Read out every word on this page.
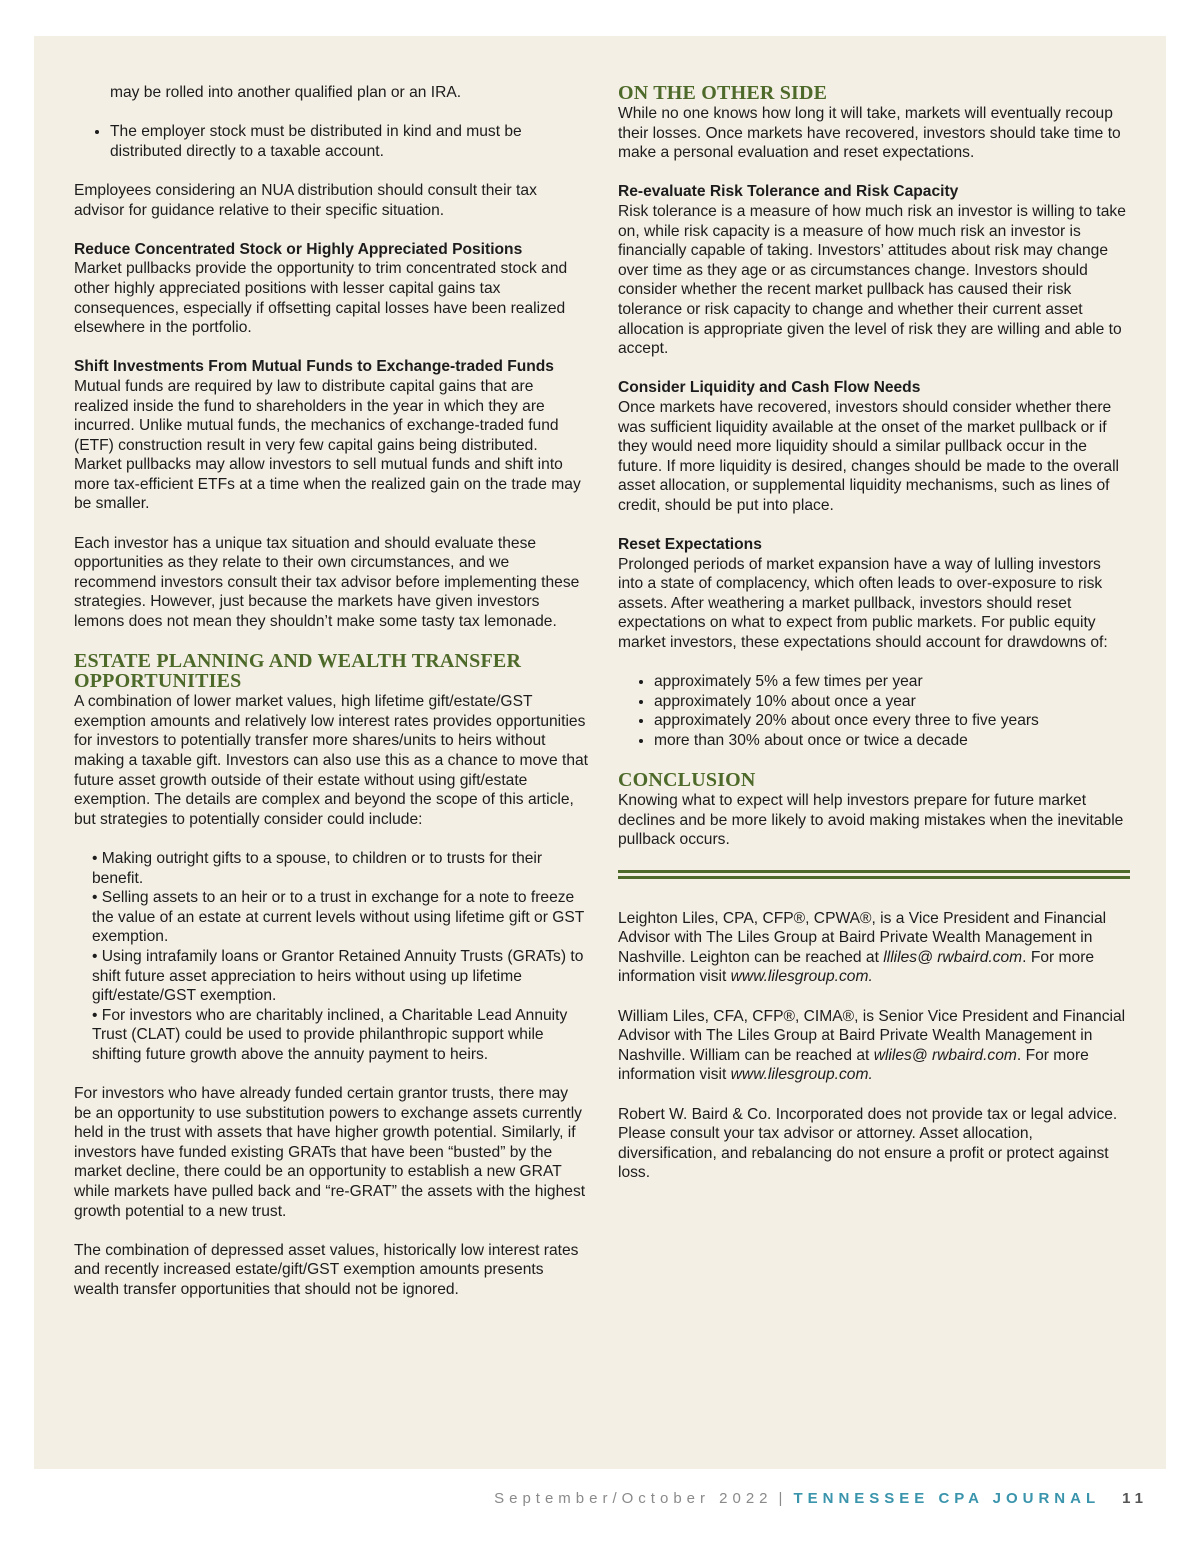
may be rolled into another qualified plan or an IRA.

• The employer stock must be distributed in kind and must be distributed directly to a taxable account.

Employees considering an NUA distribution should consult their tax advisor for guidance relative to their specific situation.

Reduce Concentrated Stock or Highly Appreciated Positions

Market pullbacks provide the opportunity to trim concentrated stock and other highly appreciated positions with lesser capital gains tax consequences, especially if offsetting capital losses have been realized elsewhere in the portfolio.

Shift Investments From Mutual Funds to Exchange-traded Funds

Mutual funds are required by law to distribute capital gains that are realized inside the fund to shareholders in the year in which they are incurred. Unlike mutual funds, the mechanics of exchange-traded fund (ETF) construction result in very few capital gains being distributed. Market pullbacks may allow investors to sell mutual funds and shift into more tax-efficient ETFs at a time when the realized gain on the trade may be smaller.

Each investor has a unique tax situation and should evaluate these opportunities as they relate to their own circumstances, and we recommend investors consult their tax advisor before implementing these strategies. However, just because the markets have given investors lemons does not mean they shouldn’t make some tasty tax lemonade.

ESTATE PLANNING AND WEALTH TRANSFER OPPORTUNITIES

A combination of lower market values, high lifetime gift/estate/GST exemption amounts and relatively low interest rates provides opportunities for investors to potentially transfer more shares/units to heirs without making a taxable gift. Investors can also use this as a chance to move that future asset growth outside of their estate without using gift/estate exemption. The details are complex and beyond the scope of this article, but strategies to potentially consider could include:

• Making outright gifts to a spouse, to children or to trusts for their benefit.
• Selling assets to an heir or to a trust in exchange for a note to freeze the value of an estate at current levels without using lifetime gift or GST exemption.
• Using intrafamily loans or Grantor Retained Annuity Trusts (GRATs) to shift future asset appreciation to heirs without using up lifetime gift/estate/GST exemption.
• For investors who are charitably inclined, a Charitable Lead Annuity Trust (CLAT) could be used to provide philanthropic support while shifting future growth above the annuity payment to heirs.

For investors who have already funded certain grantor trusts, there may be an opportunity to use substitution powers to exchange assets currently held in the trust with assets that have higher growth potential. Similarly, if investors have funded existing GRATs that have been “busted” by the market decline, there could be an opportunity to establish a new GRAT while markets have pulled back and “re-GRAT” the assets with the highest growth potential to a new trust.

The combination of depressed asset values, historically low interest rates and recently increased estate/gift/GST exemption amounts presents wealth transfer opportunities that should not be ignored.

ON THE OTHER SIDE

While no one knows how long it will take, markets will eventually recoup their losses. Once markets have recovered, investors should take time to make a personal evaluation and reset expectations.

Re-evaluate Risk Tolerance and Risk Capacity

Risk tolerance is a measure of how much risk an investor is willing to take on, while risk capacity is a measure of how much risk an investor is financially capable of taking. Investors’ attitudes about risk may change over time as they age or as circumstances change. Investors should consider whether the recent market pullback has caused their risk tolerance or risk capacity to change and whether their current asset allocation is appropriate given the level of risk they are willing and able to accept.

Consider Liquidity and Cash Flow Needs

Once markets have recovered, investors should consider whether there was sufficient liquidity available at the onset of the market pullback or if they would need more liquidity should a similar pullback occur in the future. If more liquidity is desired, changes should be made to the overall asset allocation, or supplemental liquidity mechanisms, such as lines of credit, should be put into place.

Reset Expectations

Prolonged periods of market expansion have a way of lulling investors into a state of complacency, which often leads to over-exposure to risk assets. After weathering a market pullback, investors should reset expectations on what to expect from public markets. For public equity market investors, these expectations should account for drawdowns of:

• approximately 5% a few times per year
• approximately 10% about once a year
• approximately 20% about once every three to five years
• more than 30% about once or twice a decade
CONCLUSION

Knowing what to expect will help investors prepare for future market declines and be more likely to avoid making mistakes when the inevitable pullback occurs.

Leighton Liles, CPA, CFP®, CPWA®, is a Vice President and Financial Advisor with The Liles Group at Baird Private Wealth Management in Nashville. Leighton can be reached at llliles@ rwbaird.com. For more information visit www.lilesgroup.com.

William Liles, CFA, CFP®, CIMA®, is Senior Vice President and Financial Advisor with The Liles Group at Baird Private Wealth Management in Nashville. William can be reached at wliles@ rwbaird.com. For more information visit www.lilesgroup.com.

Robert W. Baird & Co. Incorporated does not provide tax or legal advice. Please consult your tax advisor or attorney. Asset allocation, diversification, and rebalancing do not ensure a profit or protect against loss.

September/October 2022 | TENNESSEE CPA JOURNAL 11
